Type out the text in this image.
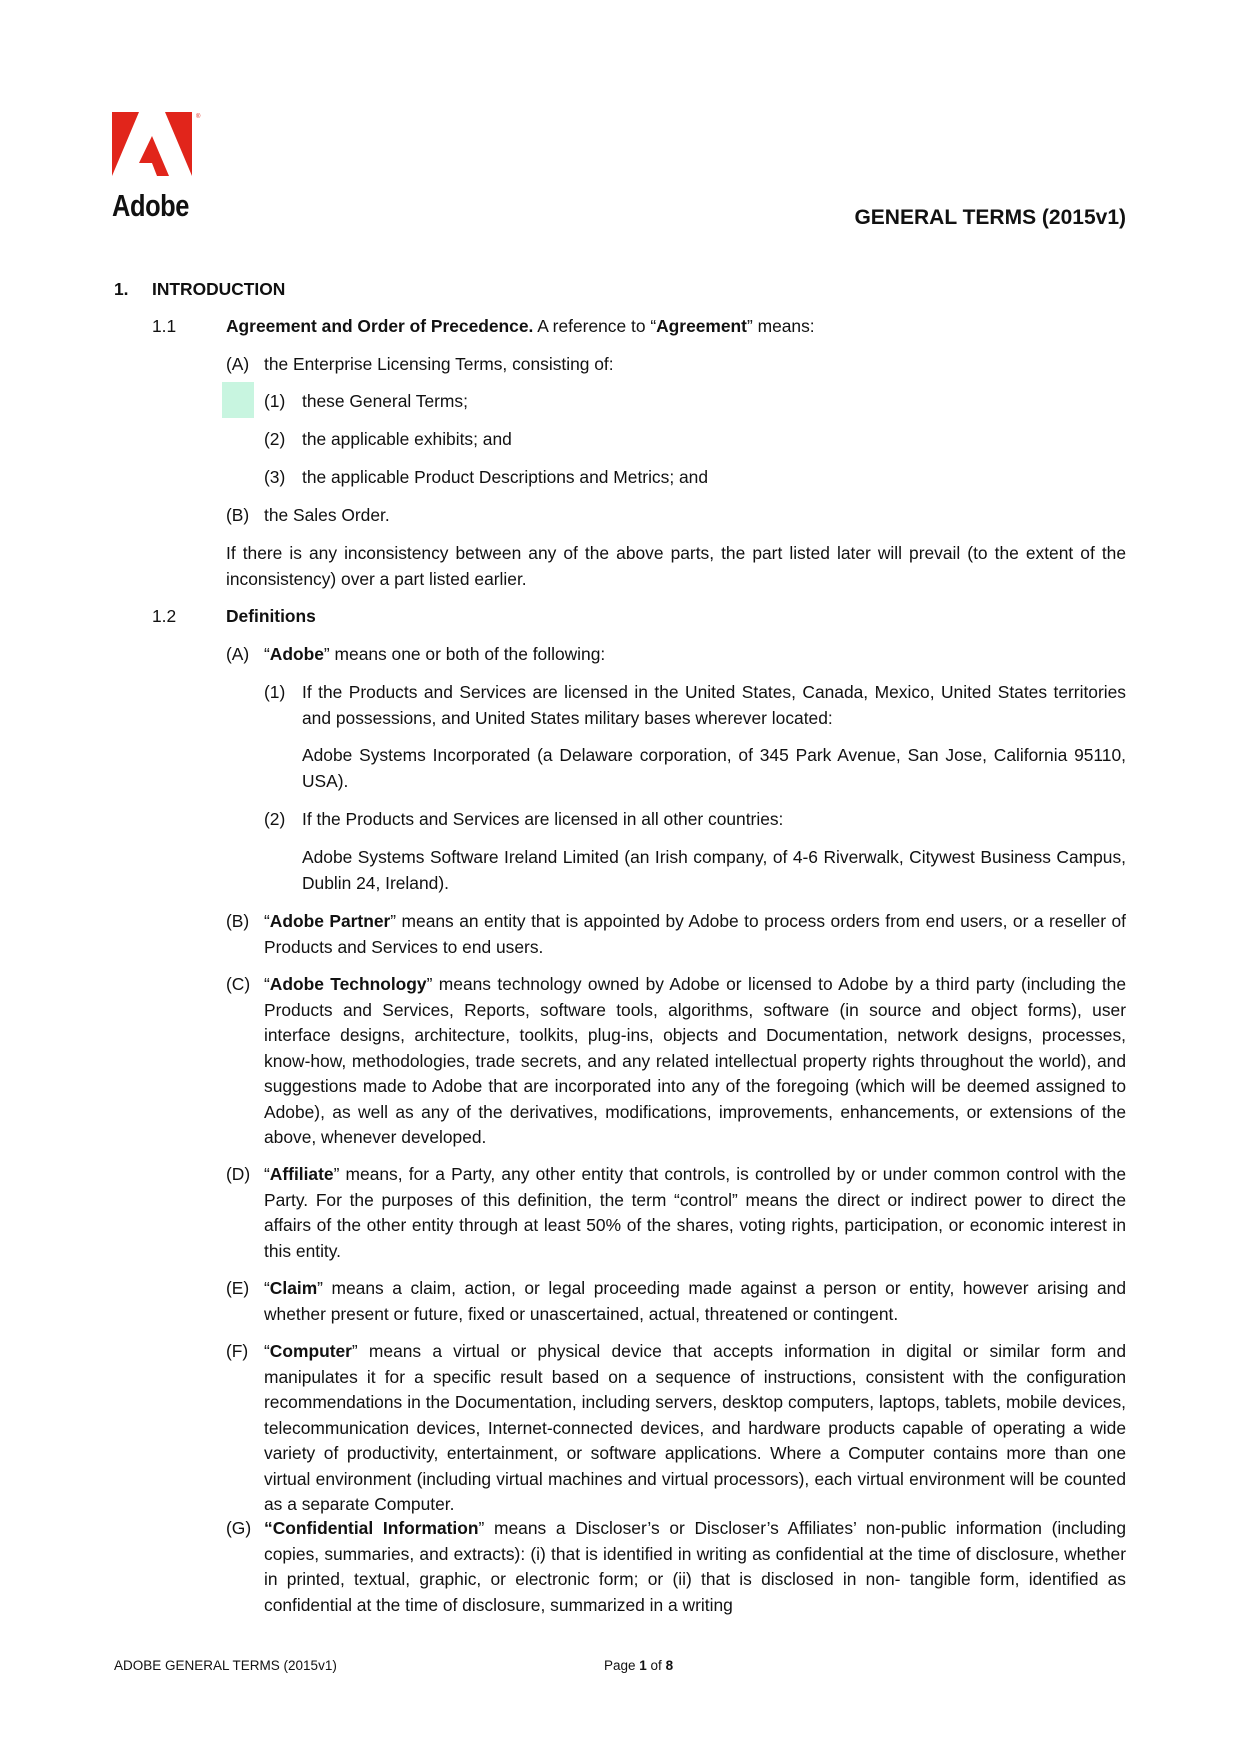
®
Adobe	GENERAL TERMS (2015v1)
1. INTRODUCTION
1.1	Agreement and Order of Precedence. A reference to “Agreement” means:
(A) the Enterprise Licensing Terms, consisting of:
(1) these General Terms;
(2) the applicable exhibits; and
(3) the applicable Product Descriptions and Metrics; and
(B) the Sales Order.
If there is any inconsistency between any of the above parts, the part listed later will prevail (to the extent of the inconsistency) over a part listed earlier.
1.2	Definitions
(A) “Adobe” means one or both of the following:
(1) If the Products and Services are licensed in the United States, Canada, Mexico, United States territories and possessions, and United States military bases wherever located:
Adobe Systems Incorporated (a Delaware corporation, of 345 Park Avenue, San Jose, California 95110, USA).
(2) If the Products and Services are licensed in all other countries:
Adobe Systems Software Ireland Limited (an Irish company, of 4-6 Riverwalk, Citywest Business Campus, Dublin 24, Ireland).
(B) “Adobe Partner” means an entity that is appointed by Adobe to process orders from end users, or a reseller of Products and Services to end users.
(C) “Adobe Technology” means technology owned by Adobe or licensed to Adobe by a third party (including the Products and Services, Reports, software tools, algorithms, software (in source and object forms), user interface designs, architecture, toolkits, plug-ins, objects and Documentation, network designs, processes, know-how, methodologies, trade secrets, and any related intellectual property rights throughout the world), and suggestions made to Adobe that are incorporated into any of the foregoing (which will be deemed assigned to Adobe), as well as any of the derivatives, modifications, improvements, enhancements, or extensions of the above, whenever developed.
(D) “Affiliate” means, for a Party, any other entity that controls, is controlled by or under common control with the Party. For the purposes of this definition, the term “control” means the direct or indirect power to direct the affairs of the other entity through at least 50% of the shares, voting rights, participation, or economic interest in this entity.
(E) “Claim” means a claim, action, or legal proceeding made against a person or entity, however arising and whether present or future, fixed or unascertained, actual, threatened or contingent.
(F) “Computer” means a virtual or physical device that accepts information in digital or similar form and manipulates it for a specific result based on a sequence of instructions, consistent with the configuration recommendations in the Documentation, including servers, desktop computers, laptops, tablets, mobile devices, telecommunication devices, Internet-connected devices, and hardware products capable of operating a wide variety of productivity, entertainment, or software applications. Where a Computer contains more than one virtual environment (including virtual machines and virtual processors), each virtual environment will be counted as a separate Computer.
(G) “Confidential Information” means a Discloser’s or Discloser’s Affiliates’ non-public information (including copies, summaries, and extracts): (i) that is identified in writing as confidential at the time of disclosure, whether in printed, textual, graphic, or electronic form; or (ii) that is disclosed in non- tangible form, identified as confidential at the time of disclosure, summarized in a writing
ADOBE GENERAL TERMS (2015v1)	Page 1 of 8
